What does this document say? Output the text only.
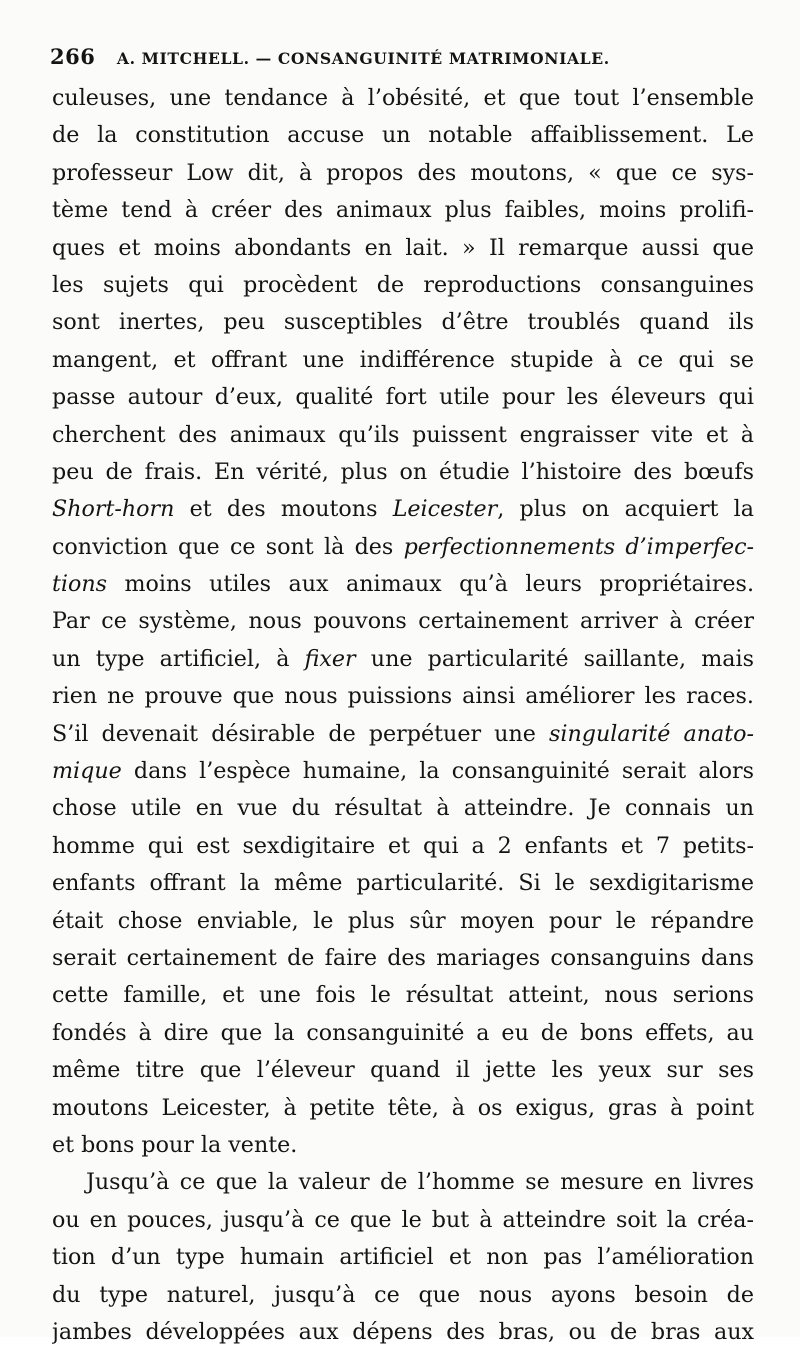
266 A. MITCHELL. — CONSANGUINITÉ MATRIMONIALE.
culeuses, une tendance à l’obésité, et que tout l’ensemble
de la constitution accuse un notable affaiblissement. Le
professeur Low dit, à propos des moutons, « que ce sys-
tème tend à créer des animaux plus faibles, moins prolifi-
ques et moins abondants en lait. » Il remarque aussi que
les sujets qui procèdent de reproductions consanguines
sont inertes, peu susceptibles d’être troublés quand ils
mangent, et offrant une indifférence stupide à ce qui se
passe autour d’eux, qualité fort utile pour les éleveurs qui
cherchent des animaux qu’ils puissent engraisser vite et à
peu de frais. En vérité, plus on étudie l’histoire des bœufs
Short-horn et des moutons Leicester, plus on acquiert la
conviction que ce sont là des perfectionnements d’imperfec-
tions moins utiles aux animaux qu’à leurs propriétaires.
Par ce système, nous pouvons certainement arriver à créer
un type artificiel, à fixer une particularité saillante, mais
rien ne prouve que nous puissions ainsi améliorer les races.
S’il devenait désirable de perpétuer une singularité anato-
mique dans l’espèce humaine, la consanguinité serait alors
chose utile en vue du résultat à atteindre. Je connais un
homme qui est sexdigitaire et qui a 2 enfants et 7 petits-
enfants offrant la même particularité. Si le sexdigitarisme
était chose enviable, le plus sûr moyen pour le répandre
serait certainement de faire des mariages consanguins dans
cette famille, et une fois le résultat atteint, nous serions
fondés à dire que la consanguinité a eu de bons effets, au
même titre que l’éleveur quand il jette les yeux sur ses
moutons Leicester, à petite tête, à os exigus, gras à point
et bons pour la vente.
Jusqu’à ce que la valeur de l’homme se mesure en livres
ou en pouces, jusqu’à ce que le but à atteindre soit la créa-
tion d’un type humain artificiel et non pas l’amélioration
du type naturel, jusqu’à ce que nous ayons besoin de
jambes développées aux dépens des bras, ou de bras aux
